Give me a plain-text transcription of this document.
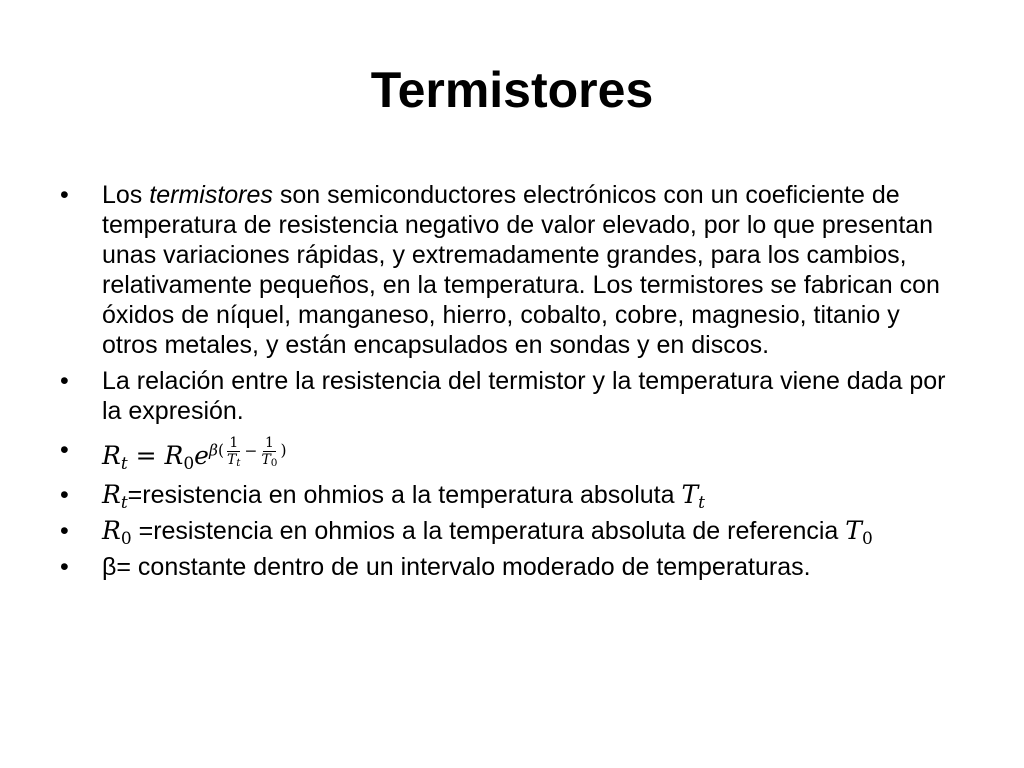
Termistores
•	Los termistores son semiconductores electrónicos con un coeficiente de temperatura de resistencia negativo de valor elevado, por lo que presentan unas variaciones rápidas, y extremadamente grandes, para los cambios, relativamente pequeños, en la temperatura. Los termistores se fabrican con óxidos de níquel, manganeso, hierro, cobalto, cobre, magnesio, titanio y otros metales, y están encapsulados en sondas y en discos.
•	La relación entre la resistencia del termistor y la temperatura viene dada por la expresión.
•	$R_t = R_0e\beta( \frac{1}{T_t} - \frac{1}{T_0}$ )
•	$R_t=resistencia$ en ohmios a la temperatura absoluta $T_t$
•	$R_0$ =resistencia en ohmios a la temperatura absoluta de referencia $T_0$
•	β= constante dentro de un intervalo moderado de temperaturas.
